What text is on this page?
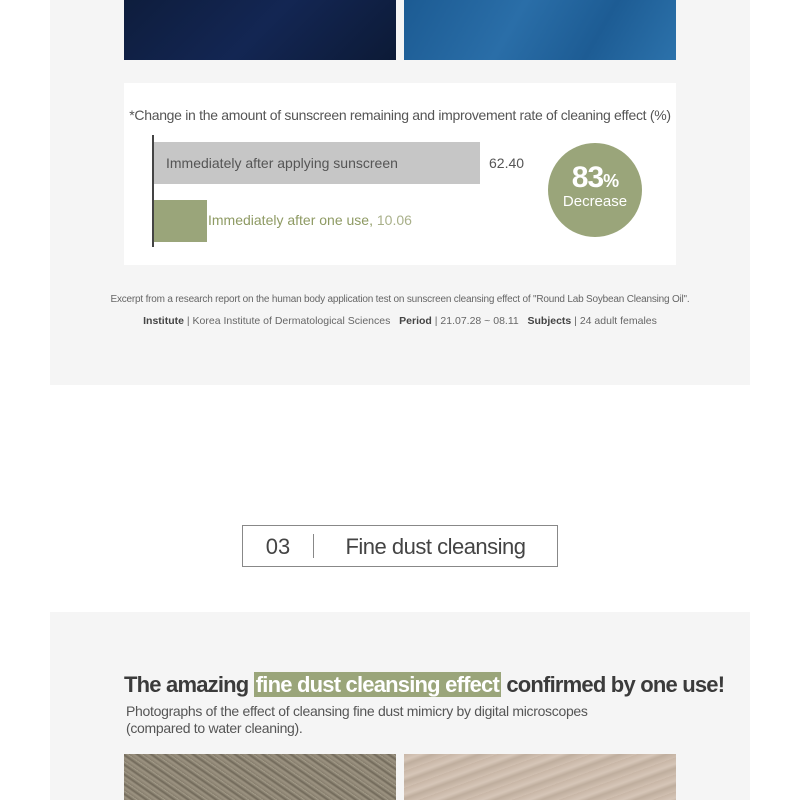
*Change in the amount of sunscreen remaining and improvement rate of cleaning effect (%)
Immediately after applying sunscreen	62.40
Immediately after one use, 10.06
83%
Decrease
Excerpt from a research report on the human body application test on sunscreen cleansing effect of "Round Lab Soybean Cleansing Oil".
Institute | Korea Institute of Dermatological Sciences Period | 21.07.28 ~ 08.11 Subjects | 24 adult females
03	Fine dust cleansing
The amazing fine dust cleansing effect confirmed by one use!
Photographs of the effect of cleansing fine dust mimicry by digital microscopes
(compared to water cleaning).
